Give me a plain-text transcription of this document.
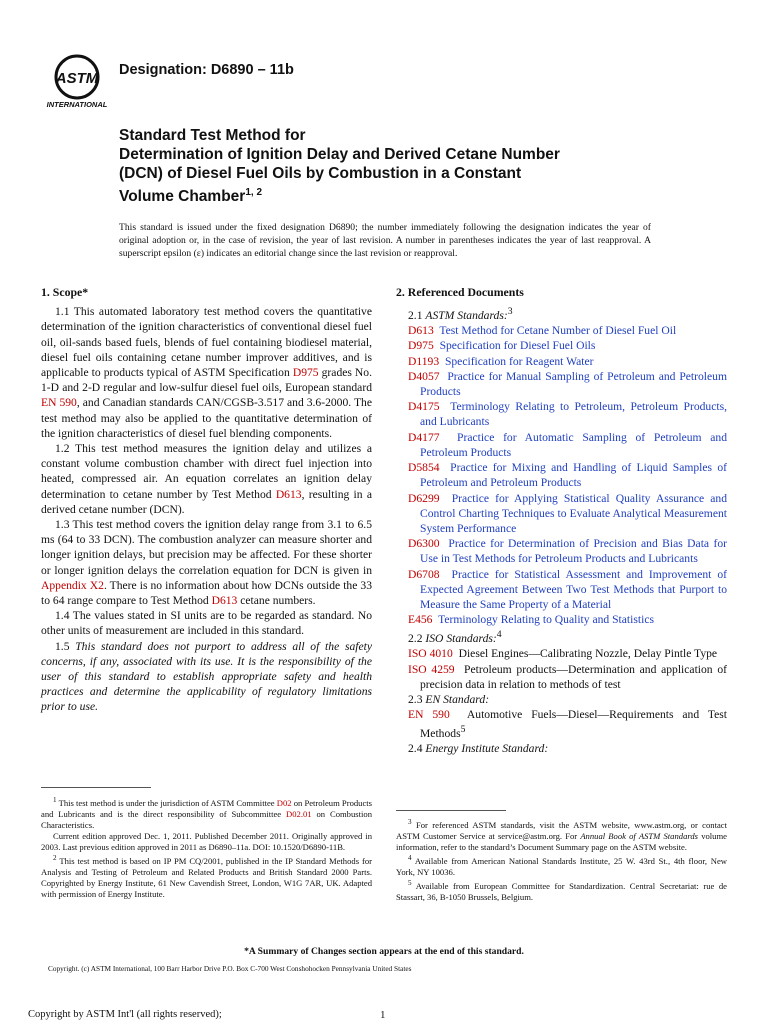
ASTM
INTERNATIONAL
Designation: D6890 – 11b
Standard Test Method for
Determination of Ignition Delay and Derived Cetane Number
(DCN) of Diesel Fuel Oils by Combustion in a Constant
Volume Chamber$^{1, 2}$
This standard is issued under the fixed designation D6890; the number immediately following the designation indicates the year of original adoption or, in the case of revision, the year of last revision. A number in parentheses indicates the year of last reapproval. A superscript epsilon (ε) indicates an editorial change since the last revision or reapproval.
1. Scope*

1.1 This automated laboratory test method covers the quantitative determination of the ignition characteristics of conventional diesel fuel oil, oil-sands based fuels, blends of fuel containing biodiesel material, diesel fuel oils containing cetane number improver additives, and is applicable to products typical of ASTM Specification D975 grades No. 1-D and 2-D regular and low-sulfur diesel fuel oils, European standard EN 590, and Canadian standards CAN/CGSB-3.517 and 3.6-2000. The test method may also be applied to the quantitative determination of the ignition characteristics of diesel fuel blending components.

1.2 This test method measures the ignition delay and utilizes a constant volume combustion chamber with direct fuel injection into heated, compressed air. An equation correlates an ignition delay determination to cetane number by Test Method D613, resulting in a derived cetane number (DCN).

1.3 This test method covers the ignition delay range from 3.1 to 6.5 ms (64 to 33 DCN). The combustion analyzer can measure shorter and longer ignition delays, but precision may be affected. For these shorter or longer ignition delays the correlation equation for DCN is given in Appendix X2. There is no information about how DCNs outside the 33 to 64 range compare to Test Method D613 cetane numbers.

1.4 The values stated in SI units are to be regarded as standard. No other units of measurement are included in this standard.

1.5 This standard does not purport to address all of the safety concerns, if any, associated with its use. It is the responsibility of the user of this standard to establish appropriate safety and health practices and determine the applicability of regulatory limitations prior to use.

2. Referenced Documents
2.1 ASTM Standards:$^3$
D613 Test Method for Cetane Number of Diesel Fuel Oil
D975 Specification for Diesel Fuel Oils
D1193 Specification for Reagent Water
D4057 Practice for Manual Sampling of Petroleum and Petroleum Products
D4175 Terminology Relating to Petroleum, Petroleum Products, and Lubricants
D4177 Practice for Automatic Sampling of Petroleum and Petroleum Products
D5854 Practice for Mixing and Handling of Liquid Samples of Petroleum and Petroleum Products
D6299 Practice for Applying Statistical Quality Assurance and Control Charting Techniques to Evaluate Analytical Measurement System Performance
D6300 Practice for Determination of Precision and Bias Data for Use in Test Methods for Petroleum Products and Lubricants
D6708 Practice for Statistical Assessment and Improvement of Expected Agreement Between Two Test Methods that Purport to Measure the Same Property of a Material
E456 Terminology Relating to Quality and Statistics
2.2 ISO Standards:$^4$
ISO 4010 Diesel Engines—Calibrating Nozzle, Delay Pintle Type
ISO 4259 Petroleum products—Determination and application of precision data in relation to methods of test
2.3 EN Standard:
EN 590 Automotive Fuels—Diesel—Requirements and Test Methods$^5$
2.4 Energy Institute Standard:

$^1$ This test method is under the jurisdiction of ASTM Committee D02 on Petroleum Products and Lubricants and is the direct responsibility of Subcommittee D02.01 on Combustion Characteristics.

Current edition approved Dec. 1, 2011. Published December 2011. Originally approved in 2003. Last previous edition approved in 2011 as D6890–11a. DOI: 10.1520/D6890-11B.

$^2$ This test method is based on IP PM CQ/2001, published in the IP Standard Methods for Analysis and Testing of Petroleum and Related Products and British Standard 2000 Parts. Copyrighted by Energy Institute, 61 New Cavendish Street, London, W1G 7AR, UK. Adapted with permission of Energy Institute.

$^3$ For referenced ASTM standards, visit the ASTM website, www.astm.org, or contact ASTM Customer Service at service@astm.org. For Annual Book of ASTM Standards volume information, refer to the standard’s Document Summary page on the ASTM website.

$^4$ Available from American National Standards Institute, 25 W. 43rd St., 4th floor, New York, NY 10036.

$^5$ Available from European Committee for Standardization. Central Secretariat: rue de Stassart, 36, B-1050 Brussels, Belgium.

*A Summary of Changes section appears at the end of this standard.
Copyright. (c) ASTM International, 100 Barr Harbor Drive P.O. Box C-700 West Conshohocken Pennsylvania United States
Copyright by ASTM Int'l (all rights reserved);	1
